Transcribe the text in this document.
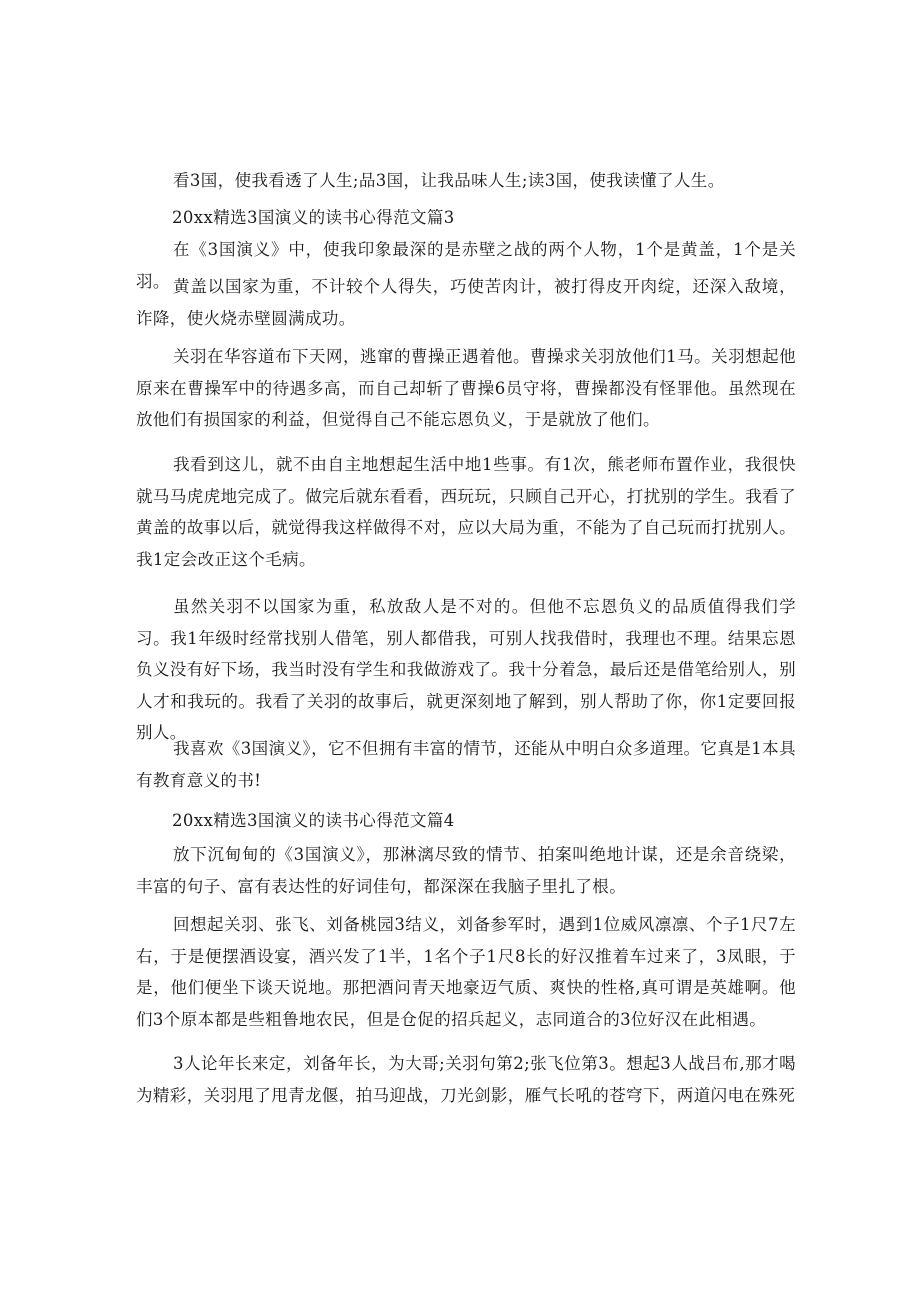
看3国，使我看透了人生;品3国，让我品味人生;读3国，使我读懂了人生。

20xx精选3国演义的读书心得范文篇3

在《3国演义》中，使我印象最深的是赤壁之战的两个人物，1个是黄盖，1个是关羽。 黄盖以国家为重，不计较个人得失，巧使苦肉计，被打得皮开肉绽，还深入敌境，诈降，使火烧赤壁圆满成功。

关羽在华容道布下天网，逃窜的曹操正遇着他。曹操求关羽放他们1马。关羽想起他原来在曹操军中的待遇多高，而自己却斩了曹操6员守将，曹操都没有怪罪他。虽然现在放他们有损国家的利益，但觉得自己不能忘恩负义，于是就放了他们。

我看到这儿，就不由自主地想起生活中地1些事。有1次，熊老师布置作业，我很快就马马虎虎地完成了。做完后就东看看，西玩玩，只顾自己开心，打扰别的学生。我看了黄盖的故事以后，就觉得我这样做得不对，应以大局为重，不能为了自己玩而打扰别人。我1定会改正这个毛病。

虽然关羽不以国家为重，私放敌人是不对的。但他不忘恩负义的品质值得我们学习。我1年级时经常找别人借笔，别人都借我，可别人找我借时，我理也不理。结果忘恩负义没有好下场，我当时没有学生和我做游戏了。我十分着急，最后还是借笔给别人，别人才和我玩的。我看了关羽的故事后，就更深刻地了解到，别人帮助了你，你1定要回报别人。

我喜欢《3国演义》，它不但拥有丰富的情节，还能从中明白众多道理。它真是1本具有教育意义的书!

20xx精选3国演义的读书心得范文篇4

放下沉甸甸的《3国演义》，那淋漓尽致的情节、拍案叫绝地计谋，还是余音绕梁，丰富的句子、富有表达性的好词佳句，都深深在我脑子里扎了根。

回想起关羽、张飞、刘备桃园3结义，刘备参军时，遇到1位威风凛凛、个子1尺7左右，于是便摆酒设宴，酒兴发了1半，1名个子1尺8长的好汉推着车过来了，3凤眼，于是，他们便坐下谈天说地。那把酒问青天地豪迈气质、爽快的性格,真可谓是英雄啊。他们3个原本都是些粗鲁地农民，但是仓促的招兵起义，志同道合的3位好汉在此相遇。

3人论年长来定，刘备年长，为大哥;关羽句第2;张飞位第3。想起3人战吕布,那才喝为精彩，关羽甩了甩青龙偃，拍马迎战，刀光剑影，雁气长吼的苍穹下，两道闪电在殊死
